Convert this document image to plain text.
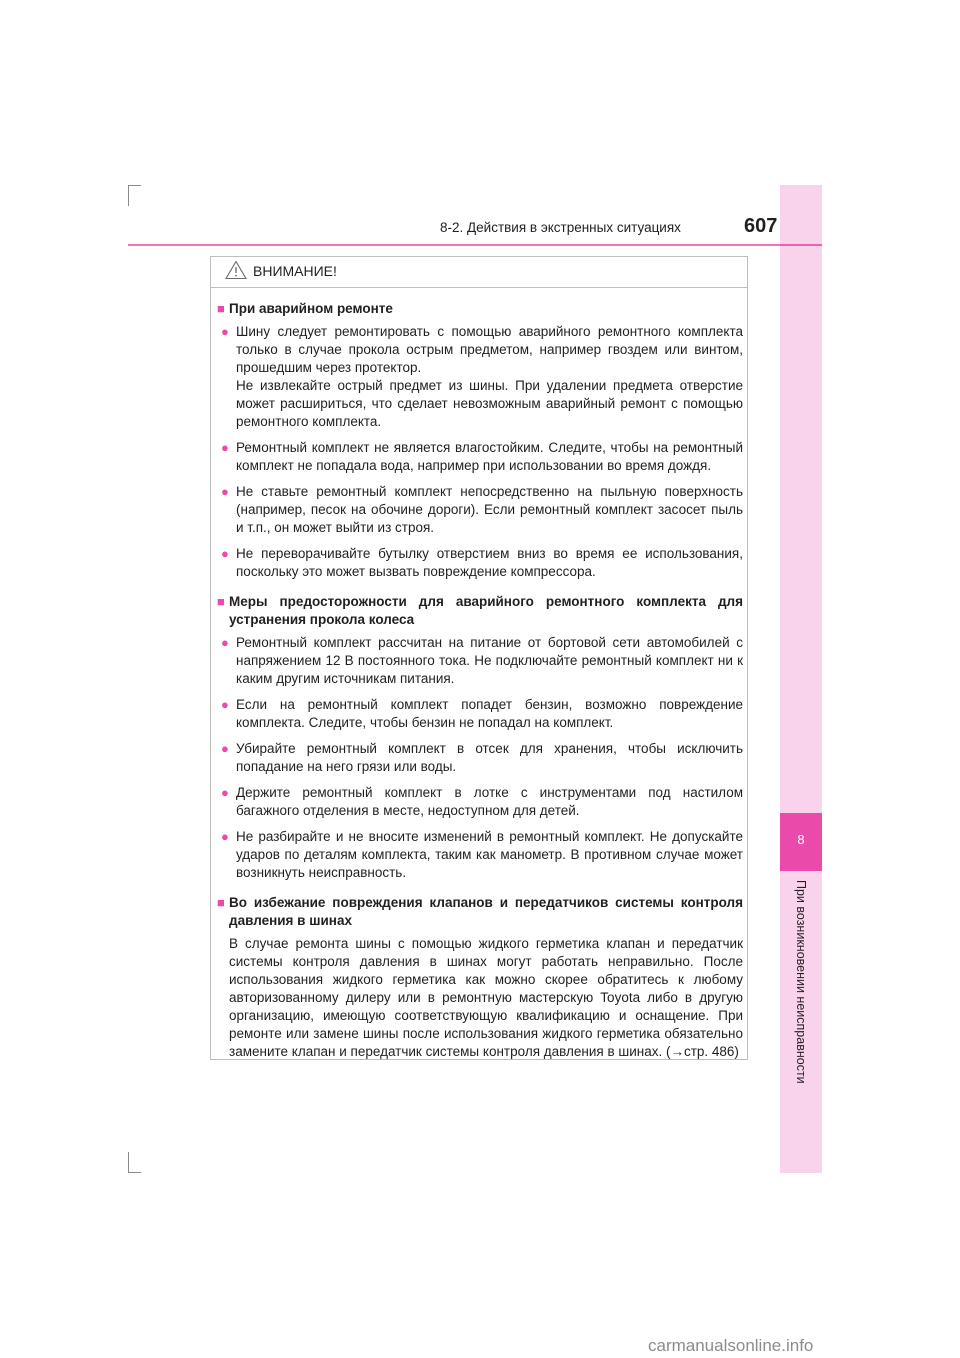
8
При возникновении неисправности
8-2. Действия в экстренных ситуациях	607
ВНИМАНИЕ!
■ При аварийном ремонте
● Шину следует ремонтировать с помощью аварийного ремонтного комплекта только в случае прокола острым предметом, например гвоздем или винтом, прошедшим через протектор.

Не извлекайте острый предмет из шины. При удалении предмета отверстие может расшириться, что сделает невозможным аварийный ремонт с помощью ремонтного комплекта.

● Ремонтный комплект не является влагостойким. Следите, чтобы на ремонтный комплект не попадала вода, например при использовании во время дождя.

● Не ставьте ремонтный комплект непосредственно на пыльную поверхность (например, песок на обочине дороги). Если ремонтный комплект засосет пыль и т.п., он может выйти из строя.

● Не переворачивайте бутылку отверстием вниз во время ее использования, поскольку это может вызвать повреждение компрессора.

■ Меры предосторожности для аварийного ремонтного комплекта для устранения прокола колеса
● Ремонтный комплект рассчитан на питание от бортовой сети автомобилей с напряжением 12 В постоянного тока. Не подключайте ремонтный комплект ни к каким другим источникам питания.

● Если на ремонтный комплект попадет бензин, возможно повреждение комплекта. Следите, чтобы бензин не попадал на комплект.

● Убирайте ремонтный комплект в отсек для хранения, чтобы исключить попадание на него грязи или воды.

● Держите ремонтный комплект в лотке с инструментами под настилом багажного отделения в месте, недоступном для детей.

● Не разбирайте и не вносите изменений в ремонтный комплект. Не допускайте ударов по деталям комплекта, таким как манометр. В противном случае может возникнуть неисправность.

■ Во избежание повреждения клапанов и передатчиков системы контроля давления в шинах

В случае ремонта шины с помощью жидкого герметика клапан и передатчик системы контроля давления в шинах могут работать неправильно. После использования жидкого герметика как можно скорее обратитесь к любому авторизованному дилеру или в ремонтную мастерскую Toyota либо в другую организацию, имеющую соответствующую квалификацию и оснащение. При ремонте или замене шины после использования жидкого герметика обязательно замените клапан и передатчик системы контроля давления в шинах. (→стр. 486)

carmanualsonline.info
